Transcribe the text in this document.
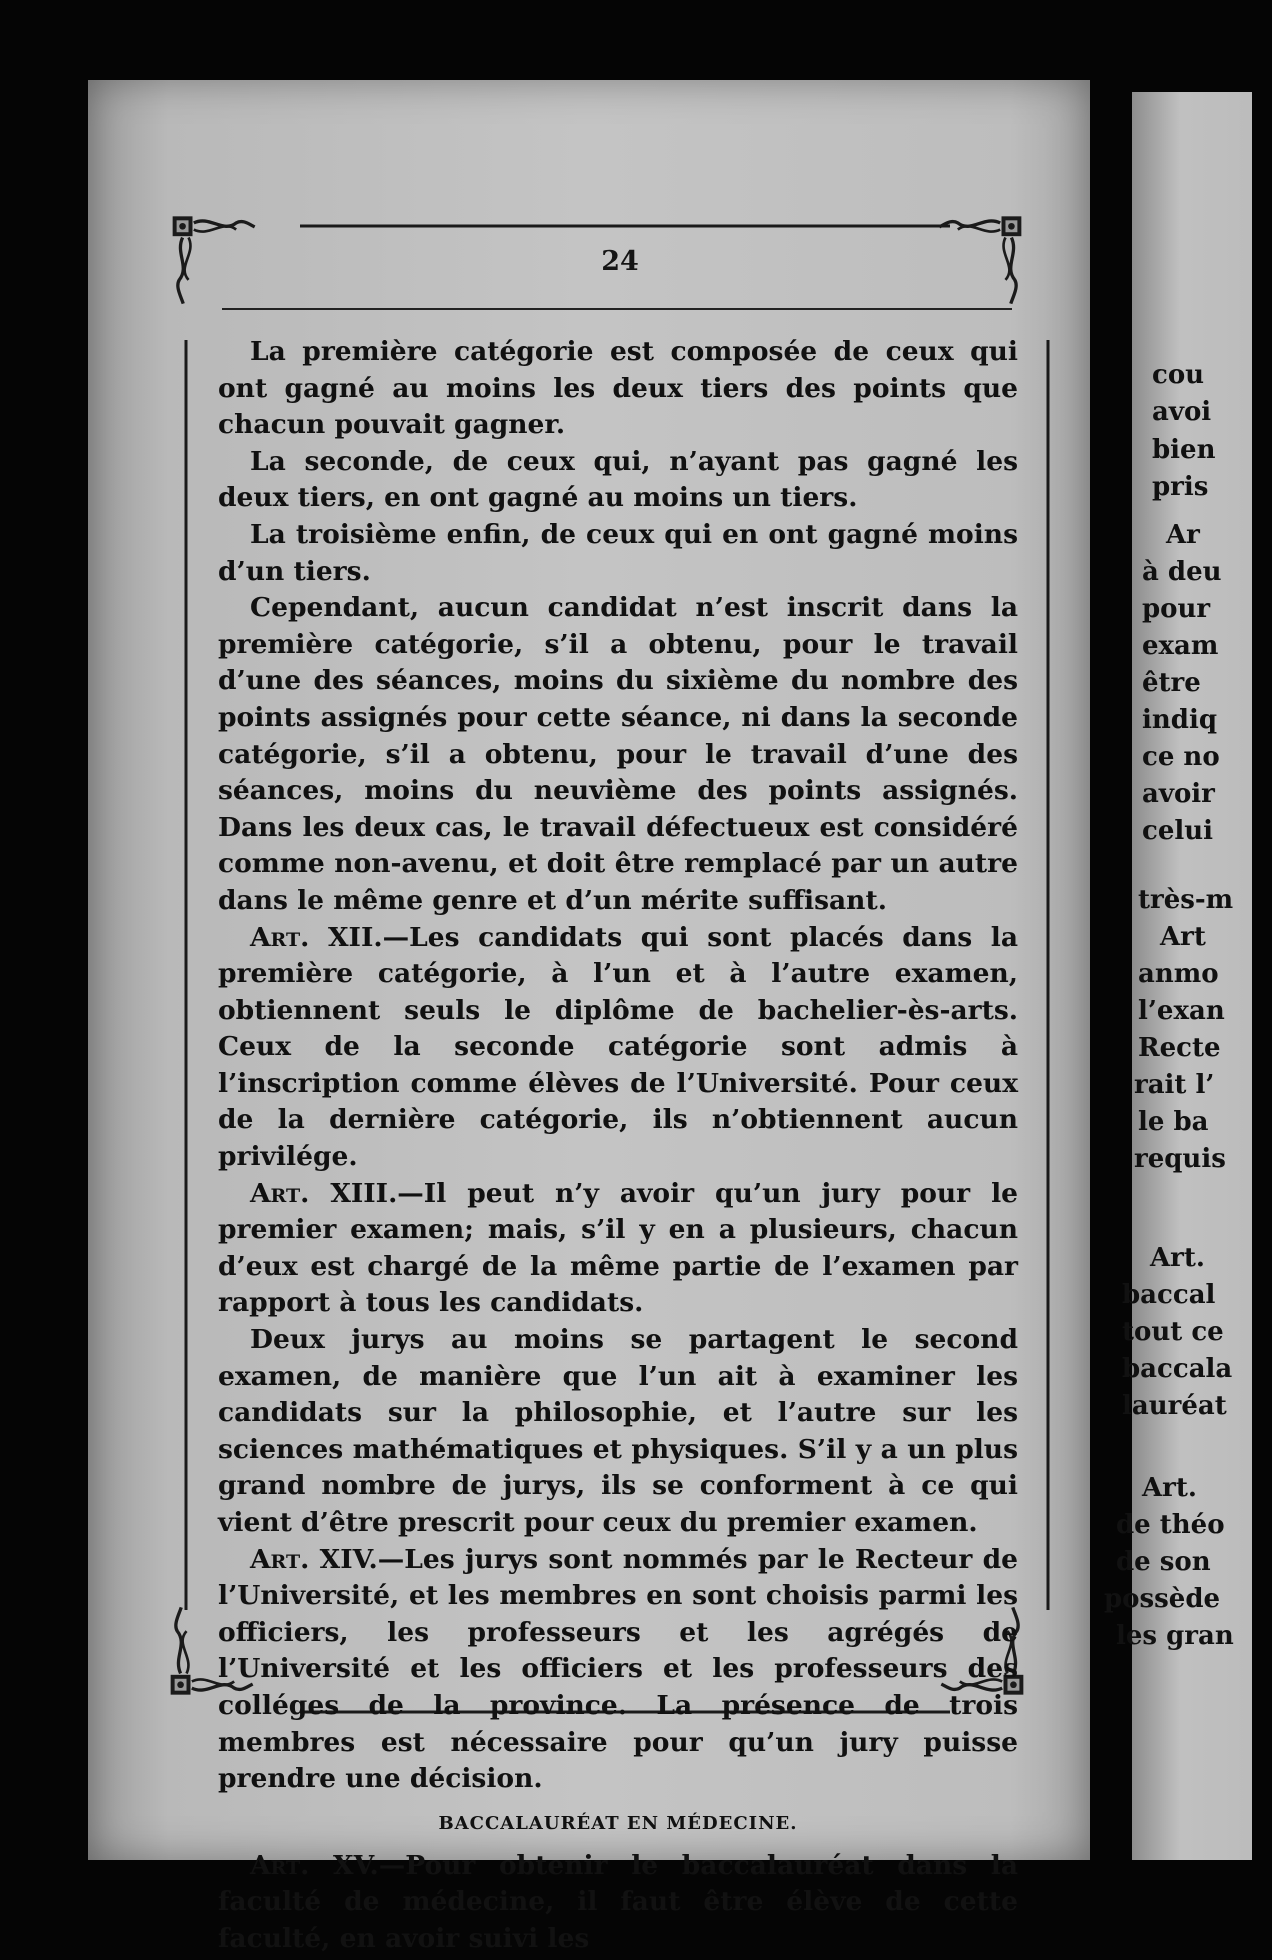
24

La première catégorie est composée de ceux qui ont gagné au moins les deux tiers des points que chacun pouvait gagner.

La seconde, de ceux qui, n’ayant pas gagné les deux tiers, en ont gagné au moins un tiers.

La troisième enfin, de ceux qui en ont gagné moins d’un tiers.

Cependant, aucun candidat n’est inscrit dans la première catégorie, s’il a obtenu, pour le travail d’une des séances, moins du sixième du nombre des points assignés pour cette séance, ni dans la seconde catégorie, s’il a obtenu, pour le travail d’une des séances, moins du neuvième des points assignés. Dans les deux cas, le travail défectueux est considéré comme non-avenu, et doit être remplacé par un autre dans le même genre et d’un mérite suffisant.

Art. XII.—Les candidats qui sont placés dans la première catégorie, à l’un et à l’autre examen, obtiennent seuls le diplôme de bachelier-ès-arts. Ceux de la seconde catégorie sont admis à l’inscription comme élèves de l’Université. Pour ceux de la dernière catégorie, ils n’obtiennent aucun privilége.

Art. XIII.—Il peut n’y avoir qu’un jury pour le premier examen; mais, s’il y en a plusieurs, chacun d’eux est chargé de la même partie de l’examen par rapport à tous les candidats.

Deux jurys au moins se partagent le second examen, de manière que l’un ait à examiner les candidats sur la philosophie, et l’autre sur les sciences mathématiques et physiques. S’il y a un plus grand nombre de jurys, ils se conforment à ce qui vient d’être prescrit pour ceux du premier examen.

Art. XIV.—Les jurys sont nommés par le Recteur de l’Université, et les membres en sont choisis parmi les officiers, les professeurs et les agrégés de l’Université et les officiers et les professeurs des colléges de la province. La présence de trois membres est nécessaire pour qu’un jury puisse prendre une décision.

BACCALAURÉAT EN MÉDECINE.

Art. XV.—Pour obtenir le baccalauréat dans la faculté de médecine, il faut être élève de cette faculté, en avoir suivi les

cou
avoi
bien
pris
Ar
à deu
pour
exam
être
indiq
ce no
avoir
celui
très-m
Art
anmo
l’exan
Recte
rait l’
le ba
requis
Art.
baccal
tout ce
baccala
lauréat
Art.
de théo
de son
possède
les gran
